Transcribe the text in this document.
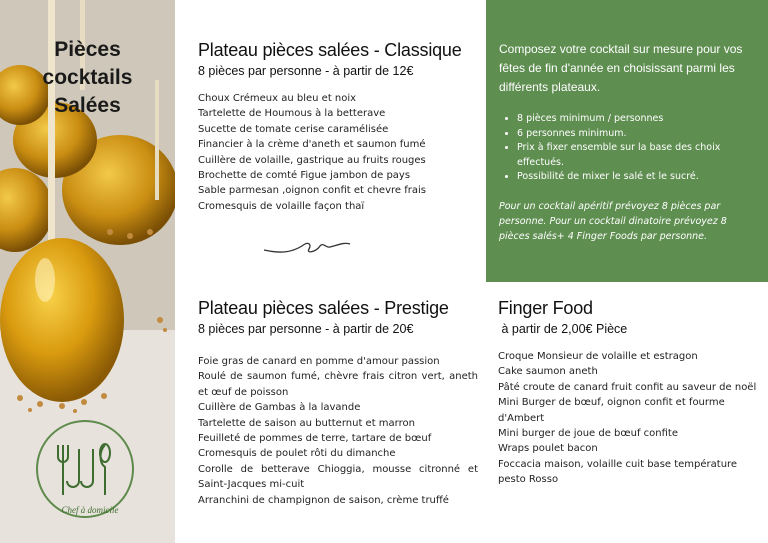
Pièces
cocktails
Salées
Chef à domicile
Plateau pièces salées - Classique
8 pièces par personne - à partir de 12€
Choux Crémeux au bleu et noix
Tartelette de Houmous à la betterave
Sucette de tomate cerise caramélisée
Financier à la crème d'aneth et saumon fumé
Cuillère de volaille, gastrique au fruits rouges
Brochette de comté Figue jambon de pays
Sable parmesan ,oignon confit et chevre frais
Cromesquis de volaille façon thaï
Plateau pièces salées - Prestige
8 pièces par personne - à partir de 20€
Foie gras de canard en pomme d'amour passion
Roulé de saumon fumé, chèvre frais citron vert, aneth et œuf de poisson
Cuillère de Gambas à la lavande
Tartelette de saison au butternut et marron
Feuilleté de pommes de terre, tartare de bœuf
Cromesquis de poulet rôti du dimanche
Corolle de betterave Chioggia, mousse citronné et Saint-Jacques mi-cuit
Arranchini de champignon de saison, crème truffé
Composez votre cocktail sur mesure pour vos fêtes de fin d'année en choisissant parmi les différents plateaux.
• 8 pièces minimum / personnes
• 6 personnes minimum.
• Prix à fixer ensemble sur la base des choix effectués.
• Possibilité de mixer le salé et le sucré.
Pour un cocktail apéritif prévoyez 8 pièces par personne. Pour un cocktail dinatoire prévoyez 8 pièces salés+ 4 Finger Foods par personne.
Finger Food
à partir de 2,00€ Pièce
Croque Monsieur de volaille et estragon
Cake saumon aneth
Pâté croute de canard fruit confit au saveur de noël
Mini Burger de bœuf, oignon confit et fourme d'Ambert
Mini burger de joue de bœuf confite
Wraps poulet bacon
Foccacia maison, volaille cuit base température pesto Rosso
